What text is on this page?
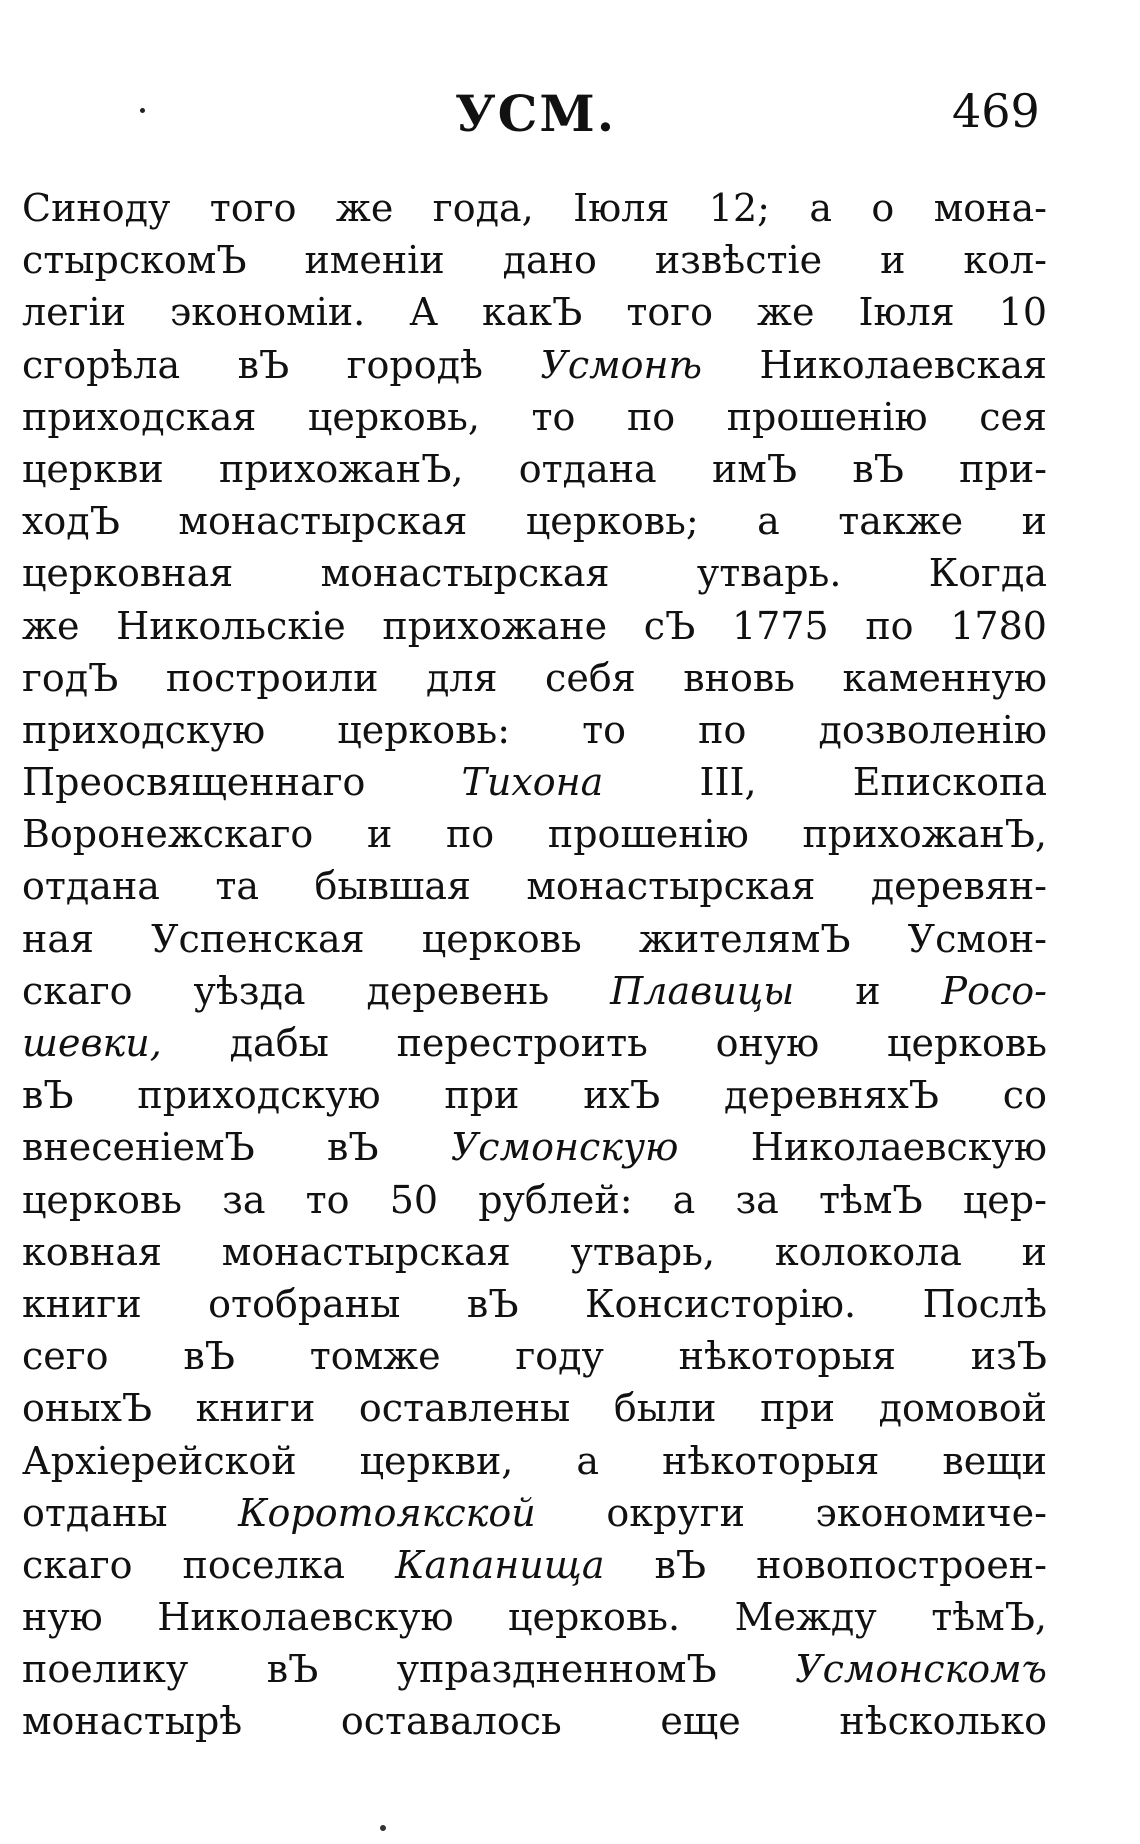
УСМ.	469
Синоду того же года, Іюля 12; а о мона-
стырскомЪ именіи дано извѣстіе и кол-
легіи экономіи. А какЪ того же Іюля 10
сгорѣла вЪ городѣ Усмонѣ Николаевская
приходская церковь, то по прошенію сея
церкви прихожанЪ, отдана имЪ вЪ при-
ходЪ монастырская церковь; а также и
церковная монастырская утварь. Когда
же Никольскіе прихожане сЪ 1775 по 1780
годЪ построили для себя вновь каменную
приходскую церковь: то по дозволенію
Преосвященнаго	Тихона	III,	Епископа
Воронежскаго и по прошенію прихожанЪ,
отдана та бывшая монастырская деревян-
ная Успенская церковь жителямЪ Усмон-
скаго уѣзда деревень Плавицы и Росо-
шевки, дабы перестроить оную церковь
вЪ приходскую при ихЪ деревняхЪ со
внесеніемЪ вЪ Усмонскую Николаевскую
церковь за то 50 рублей: а за тѣмЪ цер-
ковная монастырская утварь, колокола и
книги отобраны вЪ Консисторію. Послѣ
сего вЪ томже году нѣкоторыя изЪ
оныхЪ книги оставлены были при домовой
Архіерейской церкви, а нѣкоторыя вещи
отданы Коротоякской округи экономиче-
скаго поселка Капанища вЪ новопостроен-
ную Николаевскую церковь. Между тѣмЪ,
поелику вЪ упраздненномЪ Усмонскомъ
монастырѣ	оставалось	еще	нѣсколько
